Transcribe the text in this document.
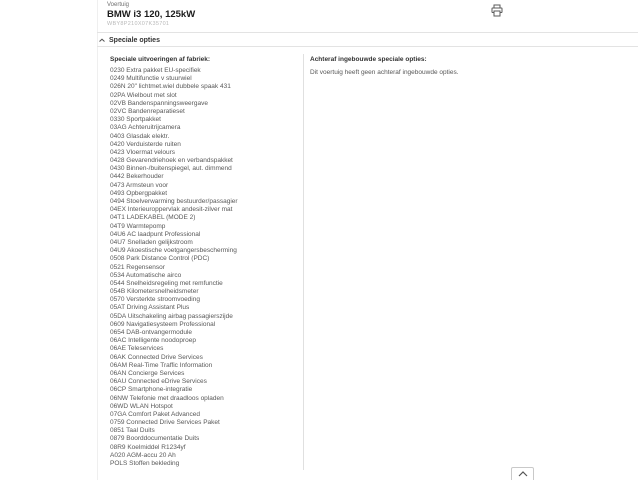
Voertuig
BMW i3 120, 125kW
WBY8P210X07K35701
Speciale opties
Speciale uitvoeringen af fabriek:
0230 Extra pakket EU-specifiek
0249 Multifunctie v stuurwiel
026N 20" lichtmet.wiel dubbele spaak 431
02PA Wielbout met slot
02VB Bandenspanningsweergave
02VC Bandenreparatieset
0330 Sportpakket
03AG Achteruitrijcamera
0403 Glasdak elektr.
0420 Verduisterde ruiten
0423 Vloermat velours
0428 Gevarendriehoek en verbandspakket
0430 Binnen-/buitenspiegel, aut. dimmend
0442 Bekerhouder
0473 Armsteun voor
0493 Opbergpakket
0494 Stoelverwarming bestuurder/passagier
04EX Interieuroppervlak andesit-zilver mat
04T1 LADEKABEL (MODE 2)
04T9 Warmtepomp
04U6 AC laadpunt Professional
04U7 Snelladen gelijkstroom
04U9 Akoestische voetgangersbescherming
0508 Park Distance Control (PDC)
0521 Regensensor
0534 Automatische airco
0544 Snelheidsregeling met remfunctie
054B Kilometersnelheidsmeter
0570 Versterkte stroomvoeding
05AT Driving Assistant Plus
05DA Uitschakeling airbag passagierszijde
0609 Navigatiesysteem Professional
0654 DAB-ontvangermodule
06AC Intelligente noodoproep
06AE Teleservices
06AK Connected Drive Services
06AM Real-Time Traffic Information
06AN Concierge Services
06AU Connected eDrive Services
06CP Smartphone-integratie
06NW Telefonie met draadloos opladen
06WD WLAN Hotspot
07GA Comfort Paket Advanced
0759 Connected Drive Services Paket
0851 Taal Duits
0879 Boorddocumentatie Duits
08R9 Koelmiddel R1234yf
A020 AGM-accu 20 Ah
POLS Stoffen bekleding
Achteraf ingebouwde speciale opties:
Dit voertuig heeft geen achteraf ingebouwde opties.
